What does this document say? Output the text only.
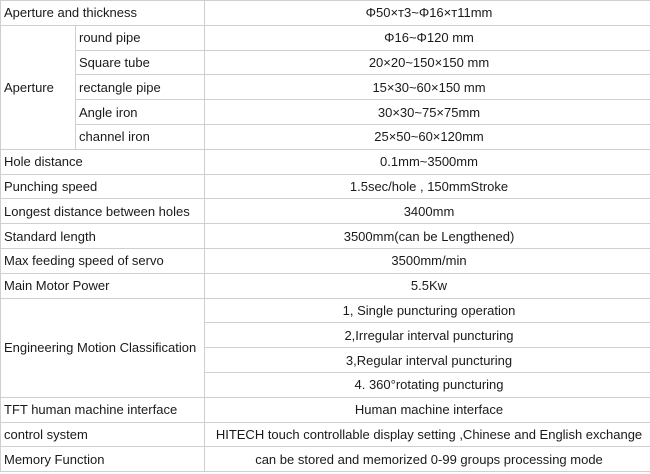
Aperture and thickness		Φ50×т3~Φ16×т11mm
Aperture	round pipe	Φ16~Φ120 mm
	Square tube	20×20~150×150 mm
	rectangle pipe	15×30~60×150 mm
	Angle iron	30×30~75×75mm
	channel iron	25×50~60×120mm
Hole distance		0.1mm~3500mm
Punching speed		1.5sec/hole , 150mmStroke
Longest distance between holes		3400mm
Standard length		3500mm(can be Lengthened)
Max feeding speed of servo		3500mm/min
Main Motor Power		5.5Kw
Engineering Motion Classification		1, Single puncturing operation
		2,Irregular interval puncturing
		3,Regular interval puncturing
		4. 360°rotating puncturing
TFT human machine interface		Human machine interface
control system		HITECH touch controllable display setting ,Chinese and English exchange
Memory Function		can be stored and memorized 0-99 groups processing mode
